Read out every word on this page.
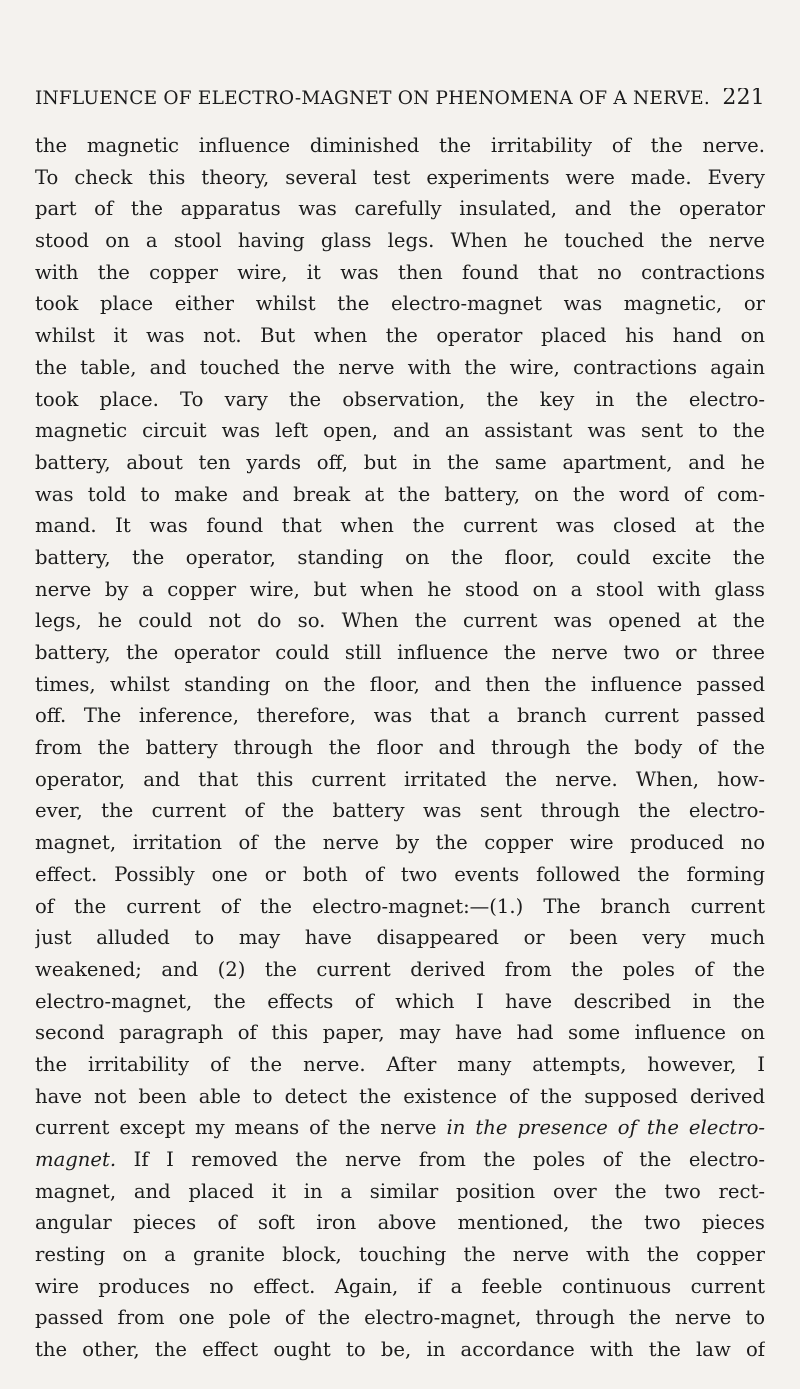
INFLUENCE OF ELECTRO-MAGNET ON PHENOMENA OF A NERVE. 221
the magnetic influence diminished the irritability of the nerve.
To check this theory, several test experiments were made. Every
part of the apparatus was carefully insulated, and the operator
stood on a stool having glass legs. When he touched the nerve
with the copper wire, it was then found that no contractions
took place either whilst the electro-magnet was magnetic, or
whilst it was not. But when the operator placed his hand on
the table, and touched the nerve with the wire, contractions again
took place. To vary the observation, the key in the electro-
magnetic circuit was left open, and an assistant was sent to the
battery, about ten yards off, but in the same apartment, and he
was told to make and break at the battery, on the word of com-
mand. It was found that when the current was closed at the
battery, the operator, standing on the floor, could excite the
nerve by a copper wire, but when he stood on a stool with glass
legs, he could not do so. When the current was opened at the
battery, the operator could still influence the nerve two or three
times, whilst standing on the floor, and then the influence passed
off. The inference, therefore, was that a branch current passed
from the battery through the floor and through the body of the
operator, and that this current irritated the nerve. When, how-
ever, the current of the battery was sent through the electro-
magnet, irritation of the nerve by the copper wire produced no
effect. Possibly one or both of two events followed the forming
of the current of the electro-magnet:—(1.) The branch current
just alluded to may have disappeared or been very much
weakened; and (2) the current derived from the poles of the
electro-magnet, the effects of which I have described in the
second paragraph of this paper, may have had some influence on
the irritability of the nerve. After many attempts, however, I
have not been able to detect the existence of the supposed derived
current except my means of the nerve in the presence of the electro-
magnet. If I removed the nerve from the poles of the electro-
magnet, and placed it in a similar position over the two rect-
angular pieces of soft iron above mentioned, the two pieces
resting on a granite block, touching the nerve with the copper
wire produces no effect. Again, if a feeble continuous current
passed from one pole of the electro-magnet, through the nerve to
the other, the effect ought to be, in accordance with the law of
